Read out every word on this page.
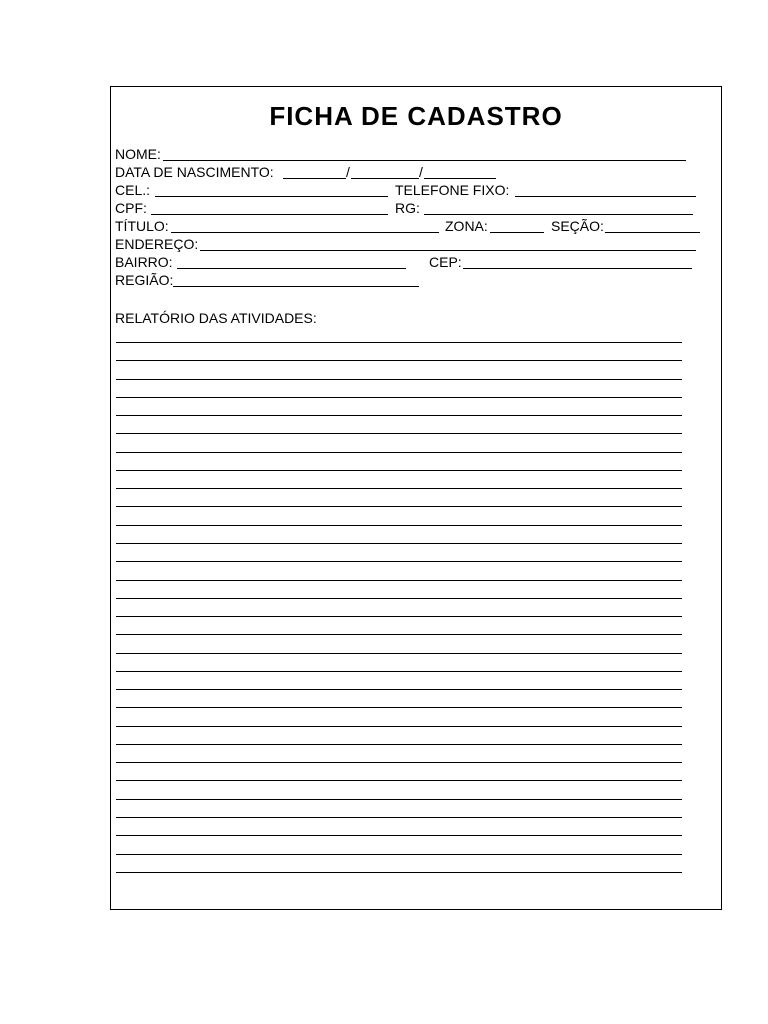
FICHA DE CADASTRO
NOME:
DATA DE NASCIMENTO:	/	/
CEL.:	TELEFONE FIXO:
CPF:	RG:
TÍTULO:	ZONA:	SEÇÃO:
ENDEREÇO:
BAIRRO:	CEP:
REGIÃO:
RELATÓRIO DAS ATIVIDADES:
